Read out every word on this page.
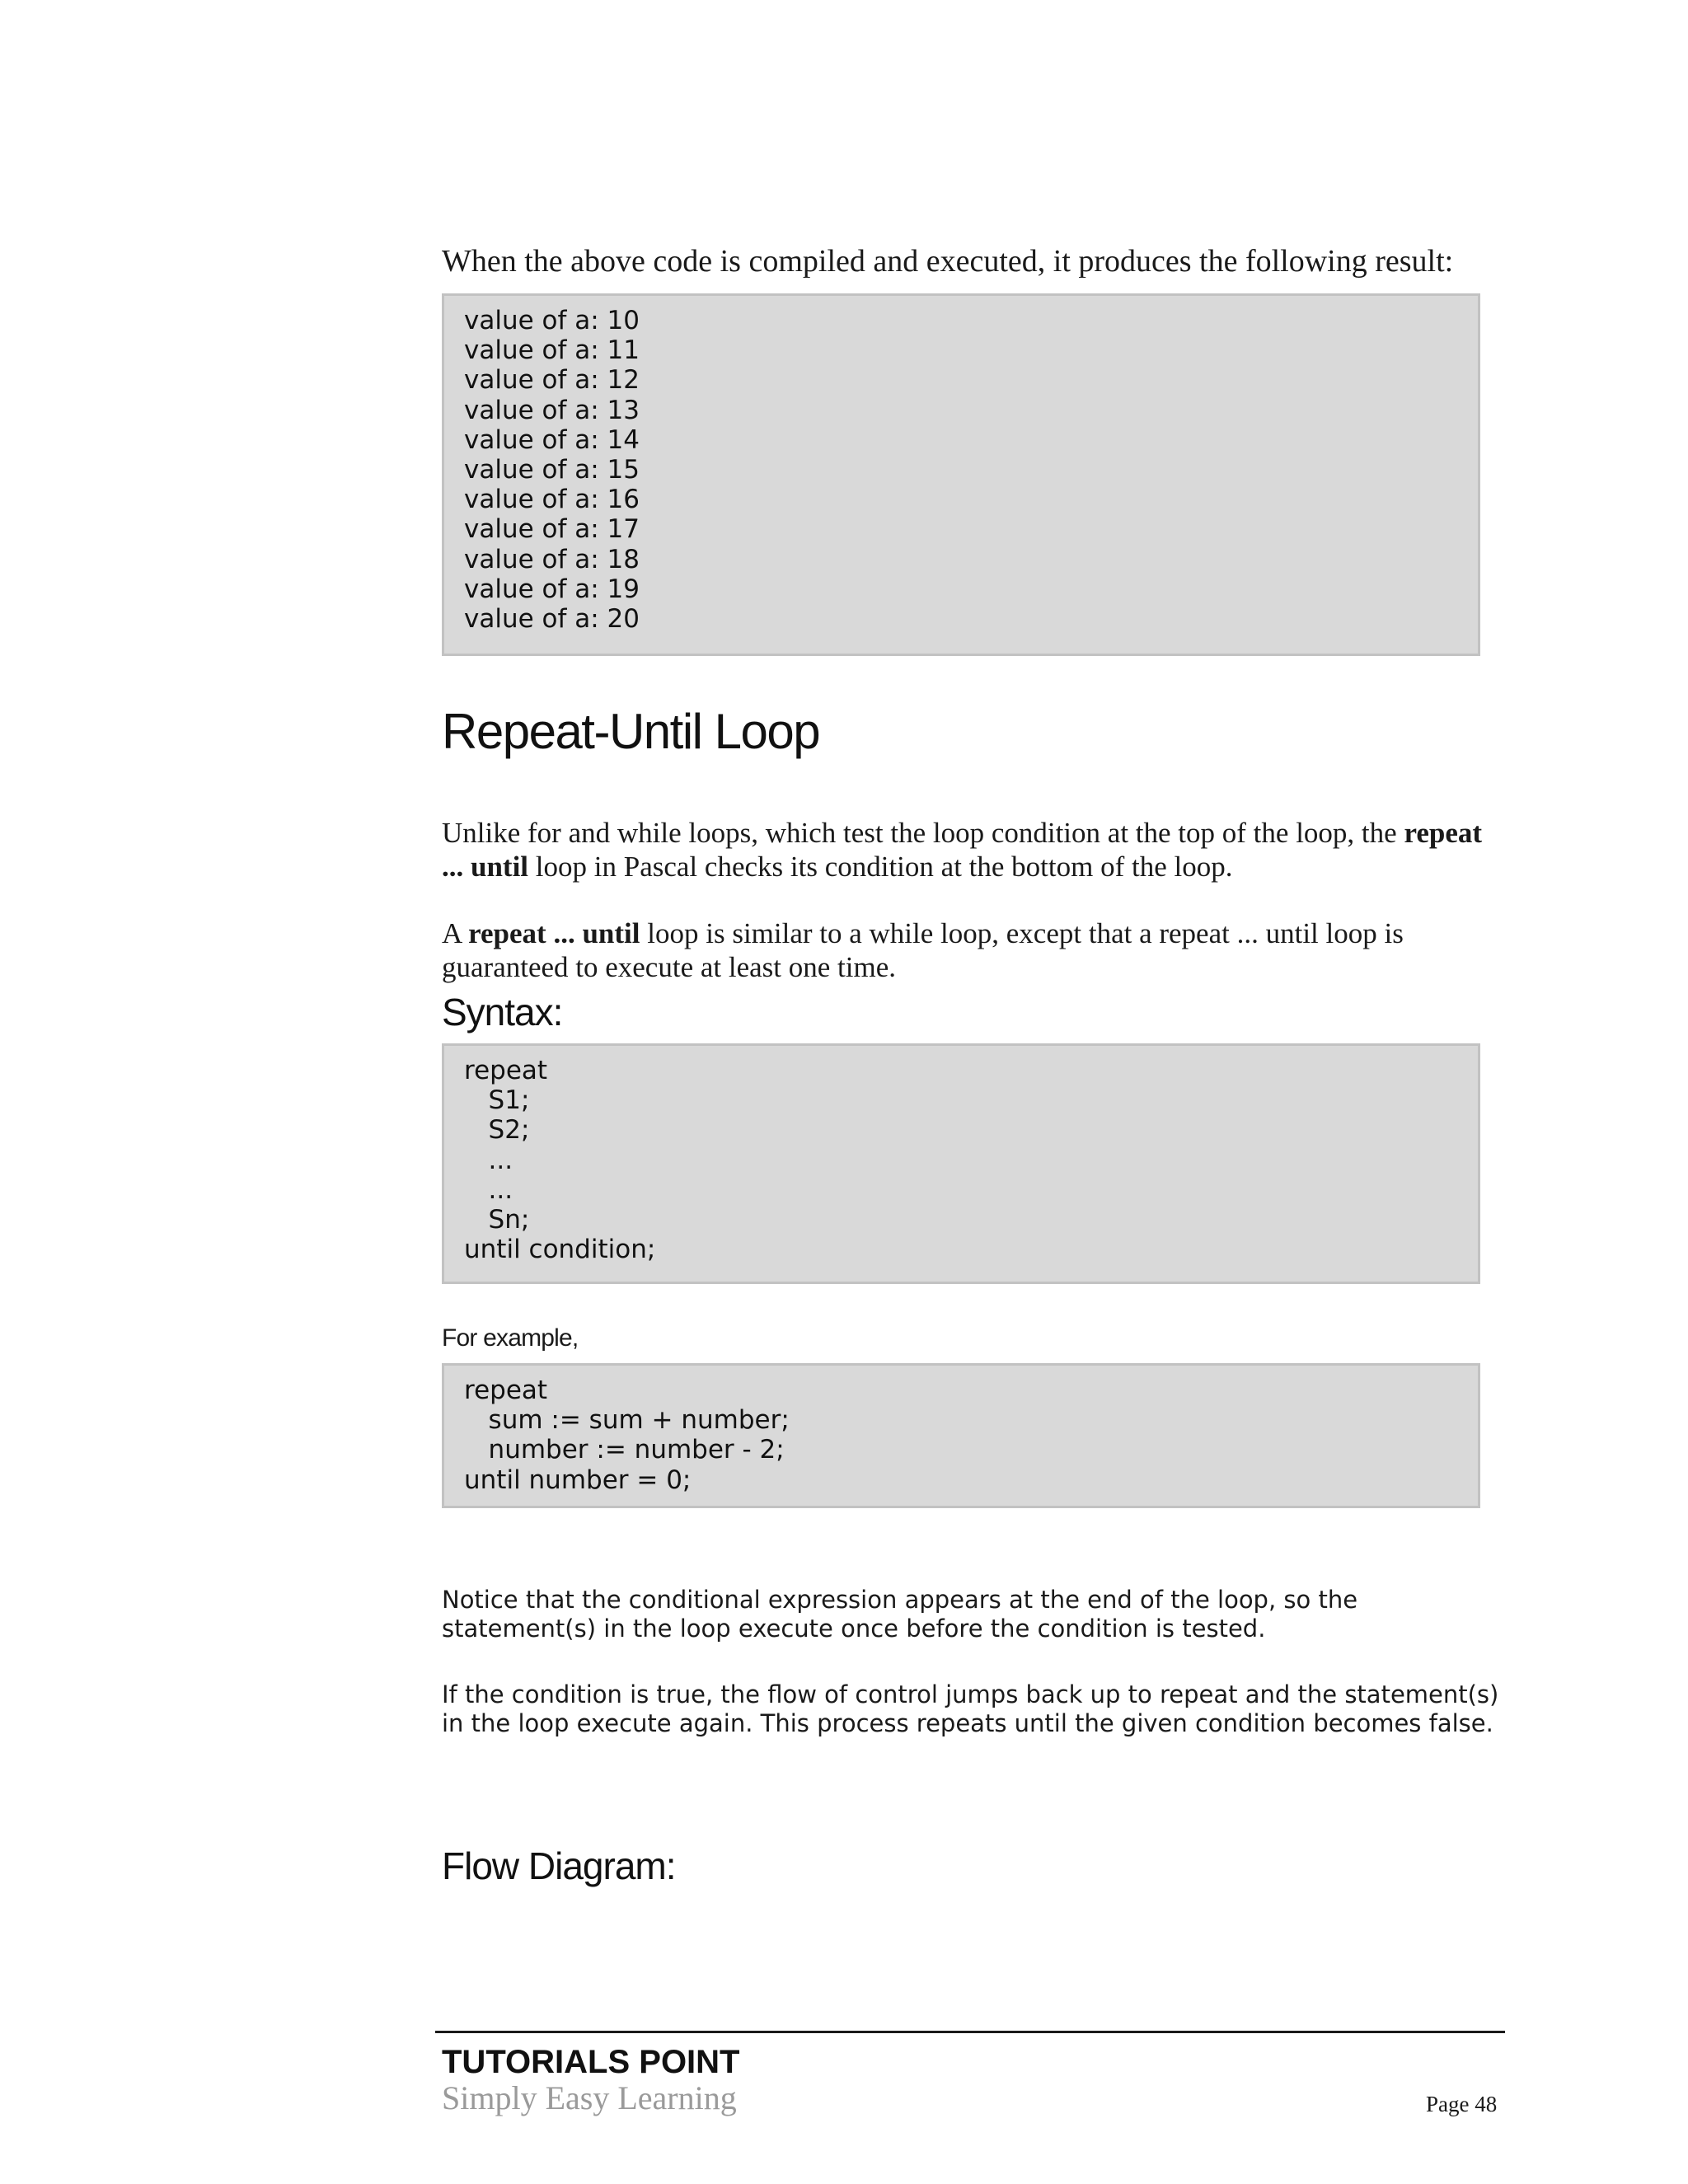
When the above code is compiled and executed, it produces the following result:
value of a: 10
value of a: 11
value of a: 12
value of a: 13
value of a: 14
value of a: 15
value of a: 16
value of a: 17
value of a: 18
value of a: 19
value of a: 20
Repeat-Until Loop
Unlike for and while loops, which test the loop condition at the top of the loop, the repeat ... until loop in Pascal checks its condition at the bottom of the loop.
A repeat ... until loop is similar to a while loop, except that a repeat ... until loop is guaranteed to execute at least one time.
Syntax:
repeat
S1;
S2;
...
...
Sn;
until condition;
For example,
repeat
sum := sum + number;
number := number - 2;
until number = 0;
Notice that the conditional expression appears at the end of the loop, so the statement(s) in the loop execute once before the condition is tested.
If the condition is true, the flow of control jumps back up to repeat and the statement(s) in the loop execute again. This process repeats until the given condition becomes false.
Flow Diagram:
TUTORIALS POINT
Simply Easy Learning	Page 48
